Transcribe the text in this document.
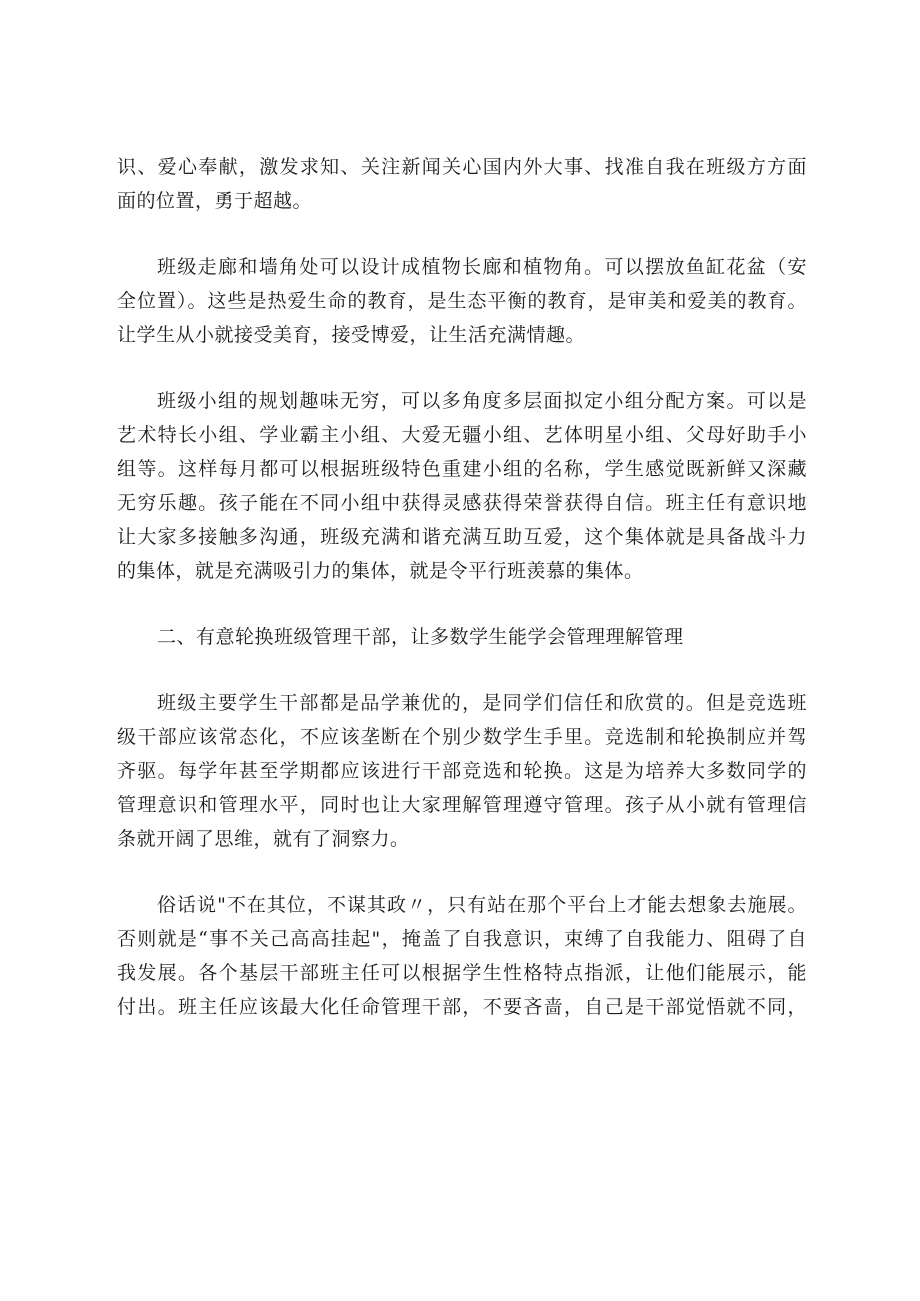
识、爱心奉献，激发求知、关注新闻关心国内外大事、找准自我在班级方方面
面的位置，勇于超越。
班级走廊和墙角处可以设计成植物长廊和植物角。可以摆放鱼缸花盆（安
全位置）。这些是热爱生命的教育，是生态平衡的教育，是审美和爱美的教育。
让学生从小就接受美育，接受博爱，让生活充满情趣。
班级小组的规划趣味无穷，可以多角度多层面拟定小组分配方案。可以是
艺术特长小组、学业霸主小组、大爱无疆小组、艺体明星小组、父母好助手小
组等。这样每月都可以根据班级特色重建小组的名称，学生感觉既新鲜又深藏
无穷乐趣。孩子能在不同小组中获得灵感获得荣誉获得自信。班主任有意识地
让大家多接触多沟通，班级充满和谐充满互助互爱，这个集体就是具备战斗力
的集体，就是充满吸引力的集体，就是令平行班羡慕的集体。
二、有意轮换班级管理干部，让多数学生能学会管理理解管理
班级主要学生干部都是品学兼优的，是同学们信任和欣赏的。但是竞选班
级干部应该常态化，不应该垄断在个别少数学生手里。竞选制和轮换制应并驾
齐驱。每学年甚至学期都应该进行干部竞选和轮换。这是为培养大多数同学的
管理意识和管理水平，同时也让大家理解管理遵守管理。孩子从小就有管理信
条就开阔了思维，就有了洞察力。
俗话说"不在其位，不谋其政〃，只有站在那个平台上才能去想象去施展。
否则就是“事不关己高高挂起"，掩盖了自我意识，束缚了自我能力、阻碍了自
我发展。各个基层干部班主任可以根据学生性格特点指派，让他们能展示，能
付出。班主任应该最大化任命管理干部，不要吝啬，自己是干部觉悟就不同，
